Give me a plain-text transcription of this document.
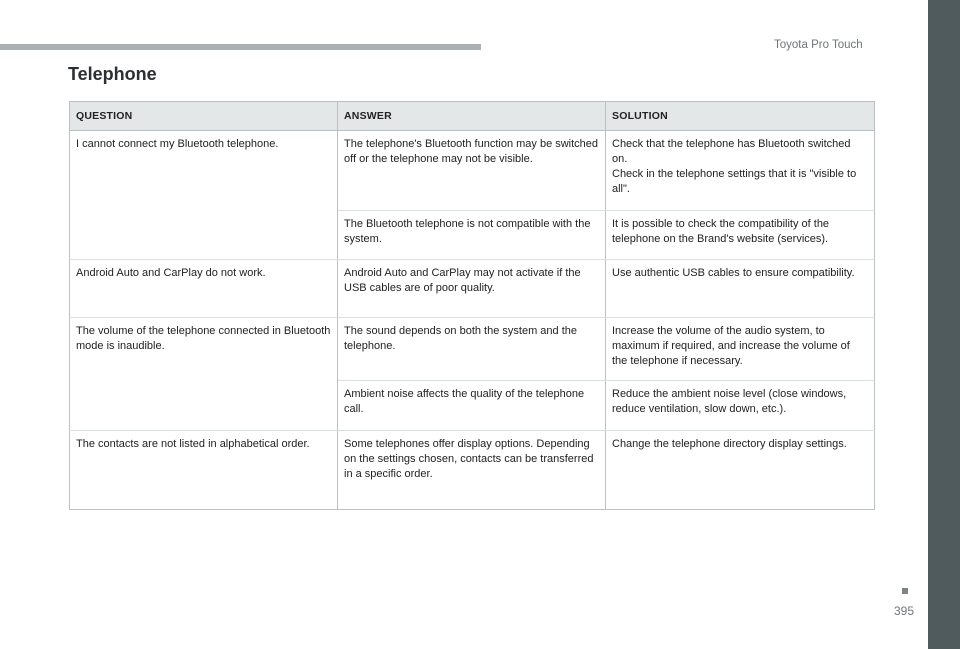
Toyota Pro Touch
Telephone
QUESTION	ANSWER	SOLUTION
I cannot connect my Bluetooth telephone.	The telephone's Bluetooth function may be switched off or the telephone may not be visible.	Check that the telephone has Bluetooth switched on.
Check in the telephone settings that it is "visible to all".
	The Bluetooth telephone is not compatible with the system.	It is possible to check the compatibility of the telephone on the Brand's website (services).
Android Auto and CarPlay do not work.	Android Auto and CarPlay may not activate if the USB cables are of poor quality.	Use authentic USB cables to ensure compatibility.
The volume of the telephone connected in Bluetooth mode is inaudible.	The sound depends on both the system and the telephone.	Increase the volume of the audio system, to maximum if required, and increase the volume of the telephone if necessary.
	Ambient noise affects the quality of the telephone call.	Reduce the ambient noise level (close windows, reduce ventilation, slow down, etc.).
The contacts are not listed in alphabetical order.	Some telephones offer display options. Depending on the settings chosen, contacts can be transferred in a specific order.	Change the telephone directory display settings.
395
